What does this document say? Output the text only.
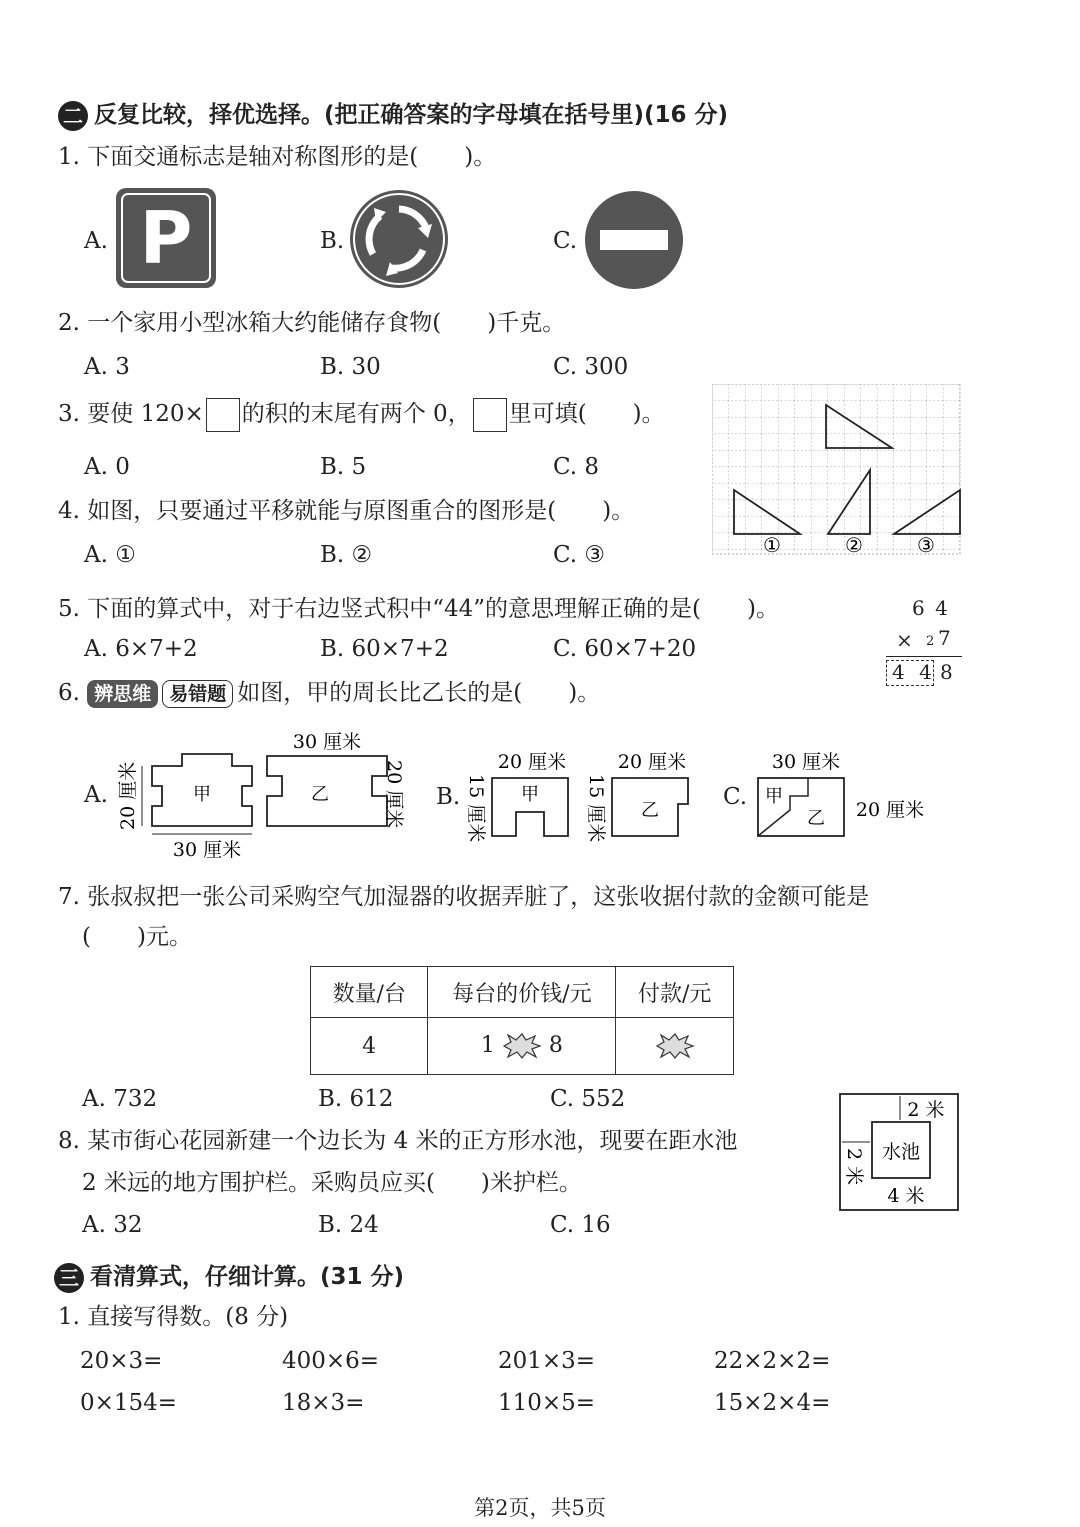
二 反复比较，择优选择。(把正确答案的字母填在括号里)(16 分)
1. 下面交通标志是轴对称图形的是(　　)。
A. P	B.	C.
2. 一个家用小型冰箱大约能储存食物(　　)千克。
A. 3	B. 30	C. 300
3. 要使 120× 的积的末尾有两个 0， 里可填(　　)。
A. 0	B. 5	C. 8
①	②	③
4. 如图，只要通过平移就能与原图重合的图形是(　　)。
A. ①	B. ②	C. ③
5. 下面的算式中，对于右边竖式积中“44”的意思理解正确的是(　　)。
A. 6×7+2	B. 60×7+2	C. 60×7+20
6 4
× 2 7
4 4 8
6. 辨思维 易错题 如图，甲的周长比乙长的是(　　)。
A.	甲	乙
30 厘米
30 厘米
20 厘米	20 厘米 B.
20 厘米
15 厘米 甲
20 厘米
15 厘米 乙
C.
30 厘米
甲
乙 20 厘米
7. 张叔叔把一张公司采购空气加湿器的收据弄脏了，这张收据付款的金额可能是
(　　)元。
数量/台	每台的价钱/元	付款/元
4	1 8	
A. 732	B. 612	C. 552
8. 某市街心花园新建一个边长为 4 米的正方形水池，现要在距水池
2 米远的地方围护栏。采购员应买(　　)米护栏。
A. 32	B. 24	C. 16
水池
2 米
2 米
4 米
三 看清算式，仔细计算。(31 分)
1. 直接写得数。(8 分)
20×3=	400×6=	201×3=	22×2×2=
0×154=	18×3=	110×5=	15×2×4=
第2页，共5页
